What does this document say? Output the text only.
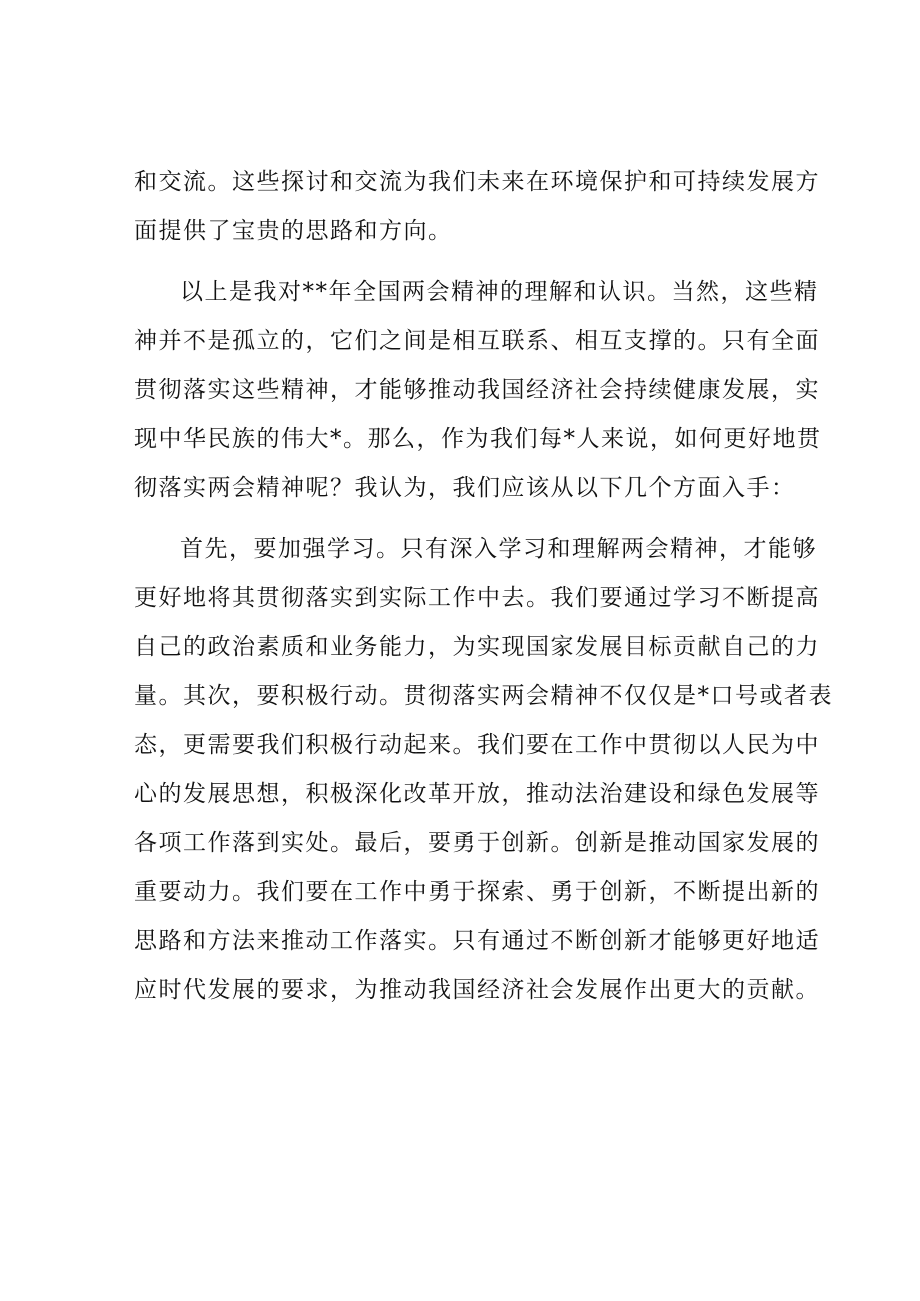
和交流。这些探讨和交流为我们未来在环境保护和可持续发展方
面提供了宝贵的思路和方向。

以上是我对**年全国两会精神的理解和认识。当然，这些精
神并不是孤立的，它们之间是相互联系、相互支撑的。只有全面
贯彻落实这些精神，才能够推动我国经济社会持续健康发展，实
现中华民族的伟大*。那么，作为我们每*人来说，如何更好地贯
彻落实两会精神呢？我认为，我们应该从以下几个方面入手：

首先，要加强学习。只有深入学习和理解两会精神，才能够
更好地将其贯彻落实到实际工作中去。我们要通过学习不断提高
自己的政治素质和业务能力，为实现国家发展目标贡献自己的力
量。其次，要积极行动。贯彻落实两会精神不仅仅是*口号或者表
态，更需要我们积极行动起来。我们要在工作中贯彻以人民为中
心的发展思想，积极深化改革开放，推动法治建设和绿色发展等
各项工作落到实处。最后，要勇于创新。创新是推动国家发展的
重要动力。我们要在工作中勇于探索、勇于创新，不断提出新的
思路和方法来推动工作落实。只有通过不断创新才能够更好地适
应时代发展的要求，为推动我国经济社会发展作出更大的贡献。
